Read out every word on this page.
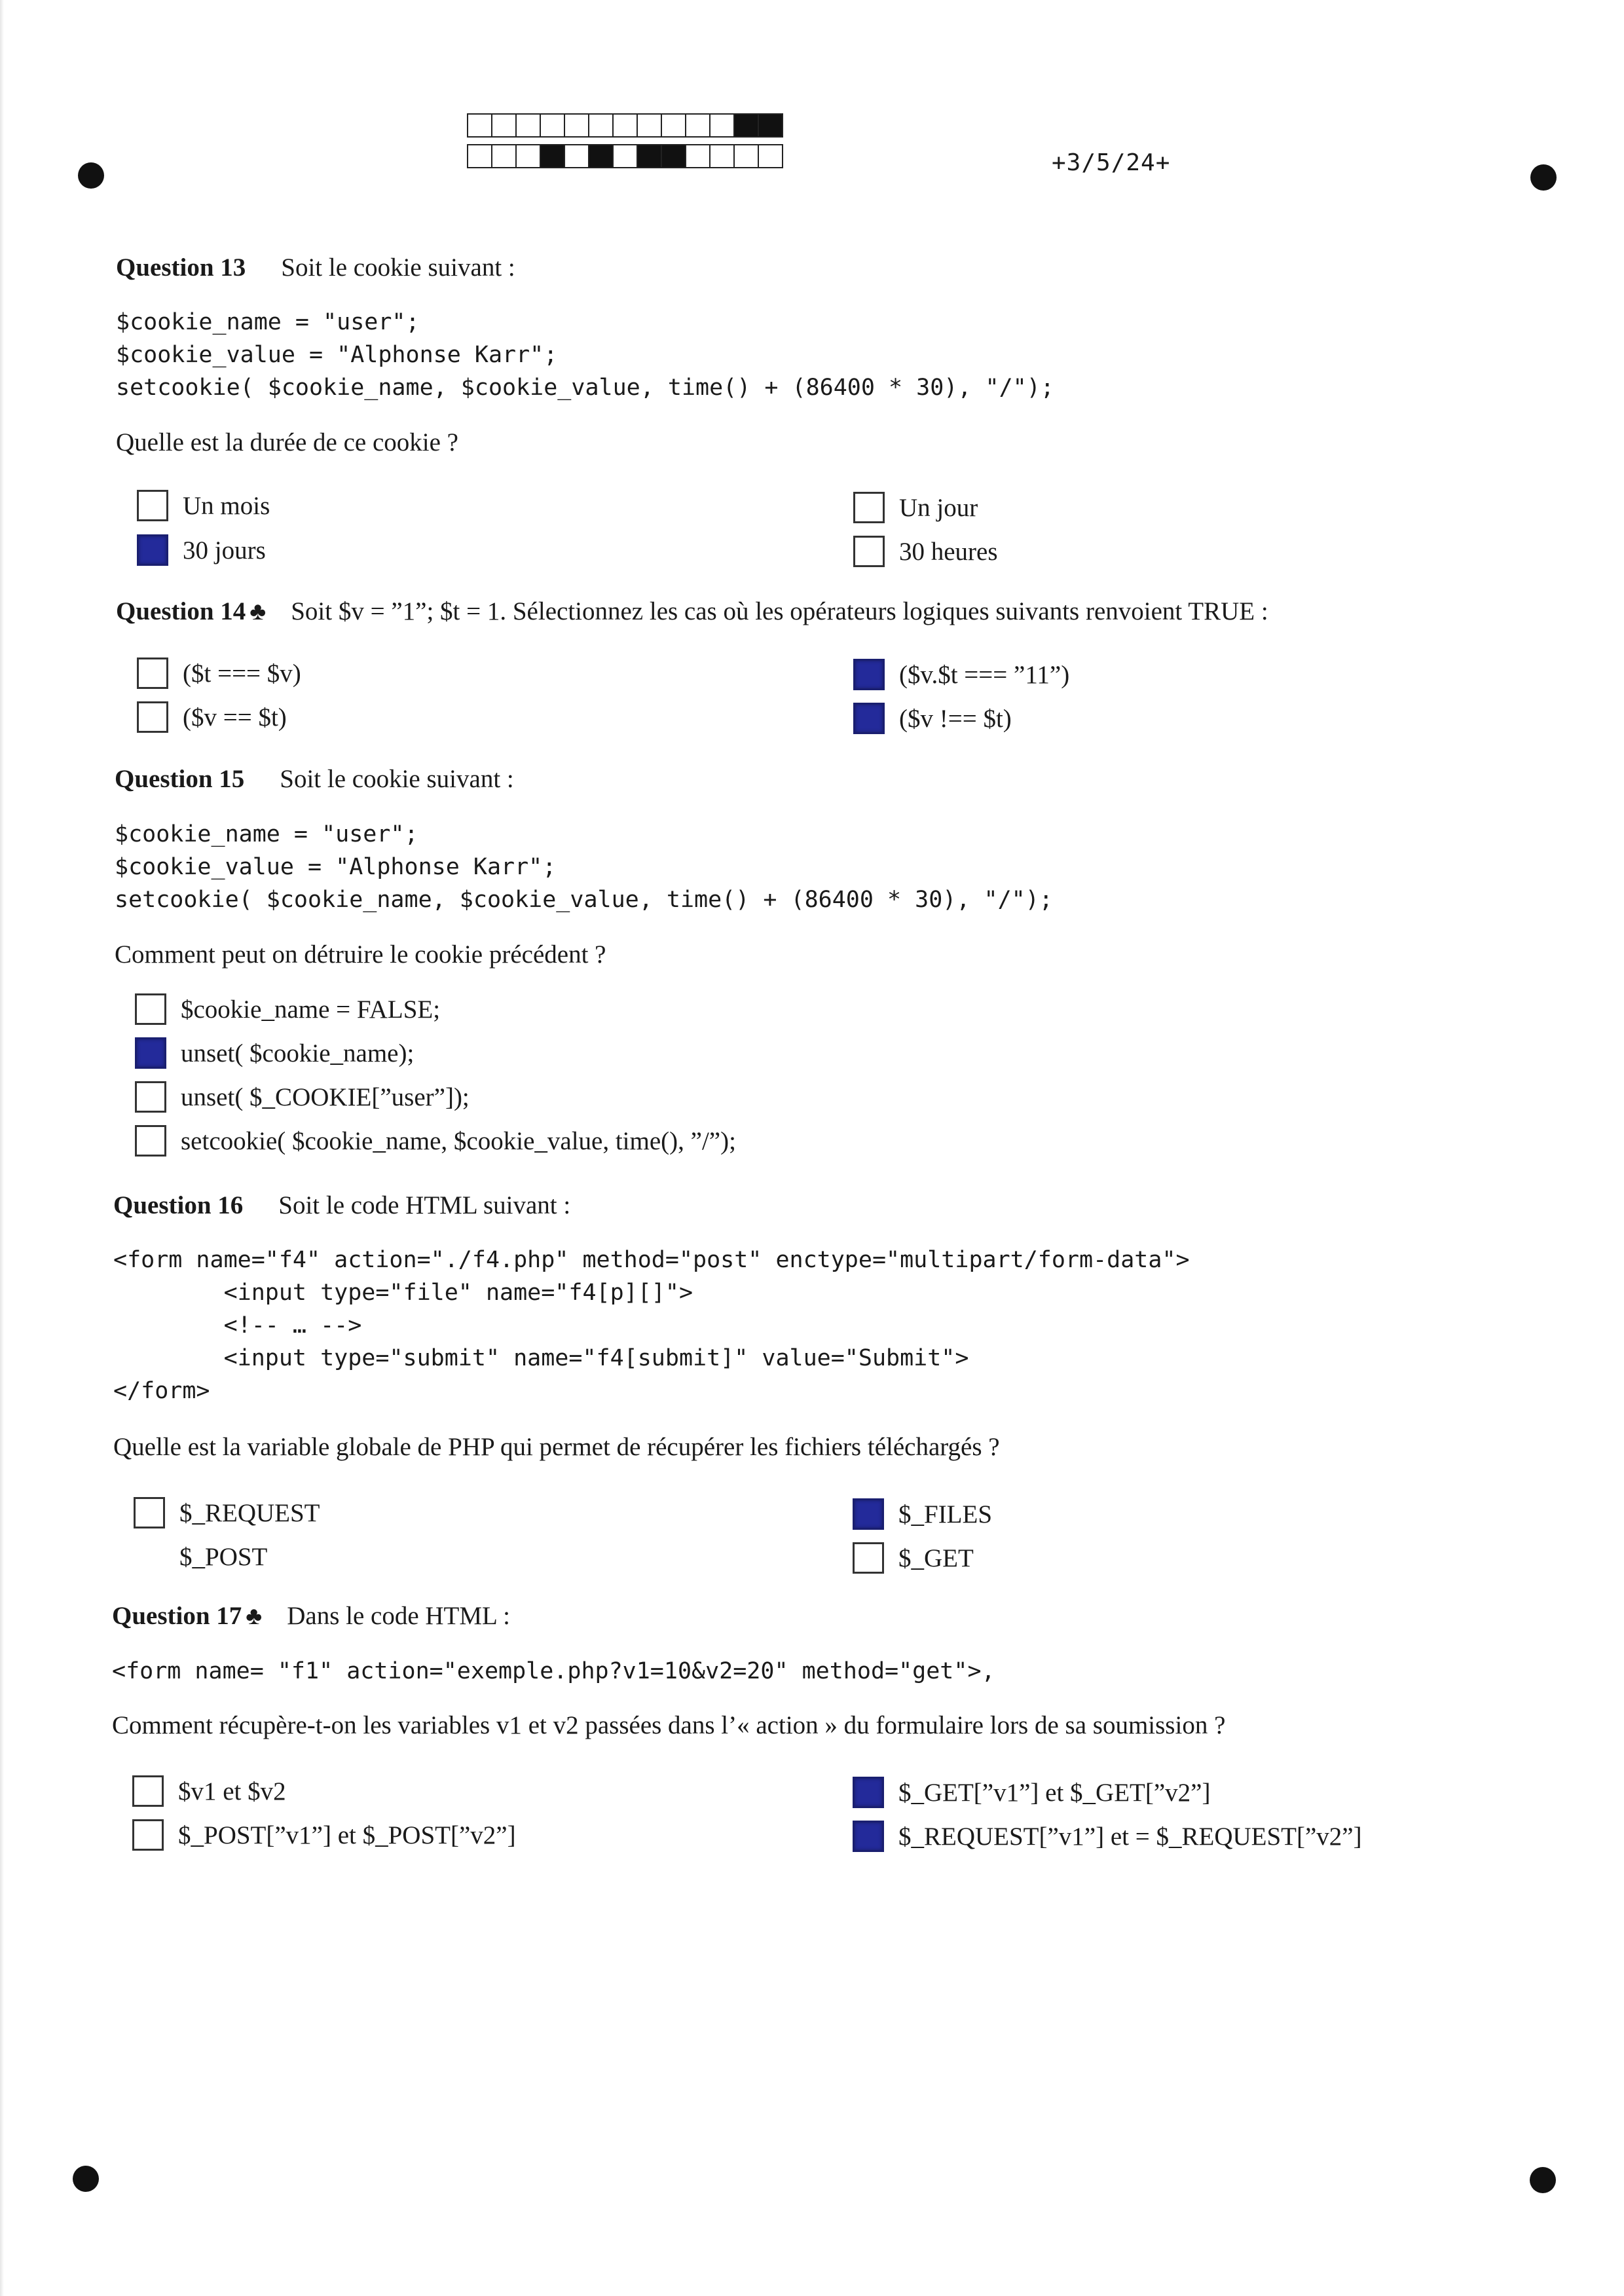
+3/5/24+
Question 13 Soit le cookie suivant :
$cookie_name = "user";
$cookie_value = "Alphonse Karr";
setcookie( $cookie_name, $cookie_value, time() + (86400 * 30), "/");
Quelle est la durée de ce cookie ?
Un mois
30 jours
Un jour
30 heures
Question 14 ♣ Soit $v = ”1”; $t = 1. Sélectionnez les cas où les opérateurs logiques suivants renvoient TRUE :
($t === $v)
($v == $t)
($v.$t === ”11”)
($v !== $t)
Question 15 Soit le cookie suivant :
$cookie_name = "user";
$cookie_value = "Alphonse Karr";
setcookie( $cookie_name, $cookie_value, time() + (86400 * 30), "/");
Comment peut on détruire le cookie précédent ?
$cookie_name = FALSE;
unset( $cookie_name);
unset( $_COOKIE[”user”]);
setcookie( $cookie_name, $cookie_value, time(), ”/”);
Question 16 Soit le code HTML suivant :
<form name="f4" action="./f4.php" method="post" enctype="multipart/form-data">
<input type="file" name="f4[p][]">
<!-- … -->
<input type="submit" name="f4[submit]" value="Submit">
</form>
Quelle est la variable globale de PHP qui permet de récupérer les fichiers téléchargés ?
$_REQUEST
$_POST
$_FILES
$_GET
Question 17 ♣ Dans le code HTML :
<form name= "f1" action="exemple.php?v1=10&v2=20" method="get">,
Comment récupère-t-on les variables v1 et v2 passées dans l’« action » du formulaire lors de sa soumission ?
$v1 et $v2
$_POST[”v1”] et $_POST[”v2”]
$_GET[”v1”] et $_GET[”v2”]
$_REQUEST[”v1”] et = $_REQUEST[”v2”]
